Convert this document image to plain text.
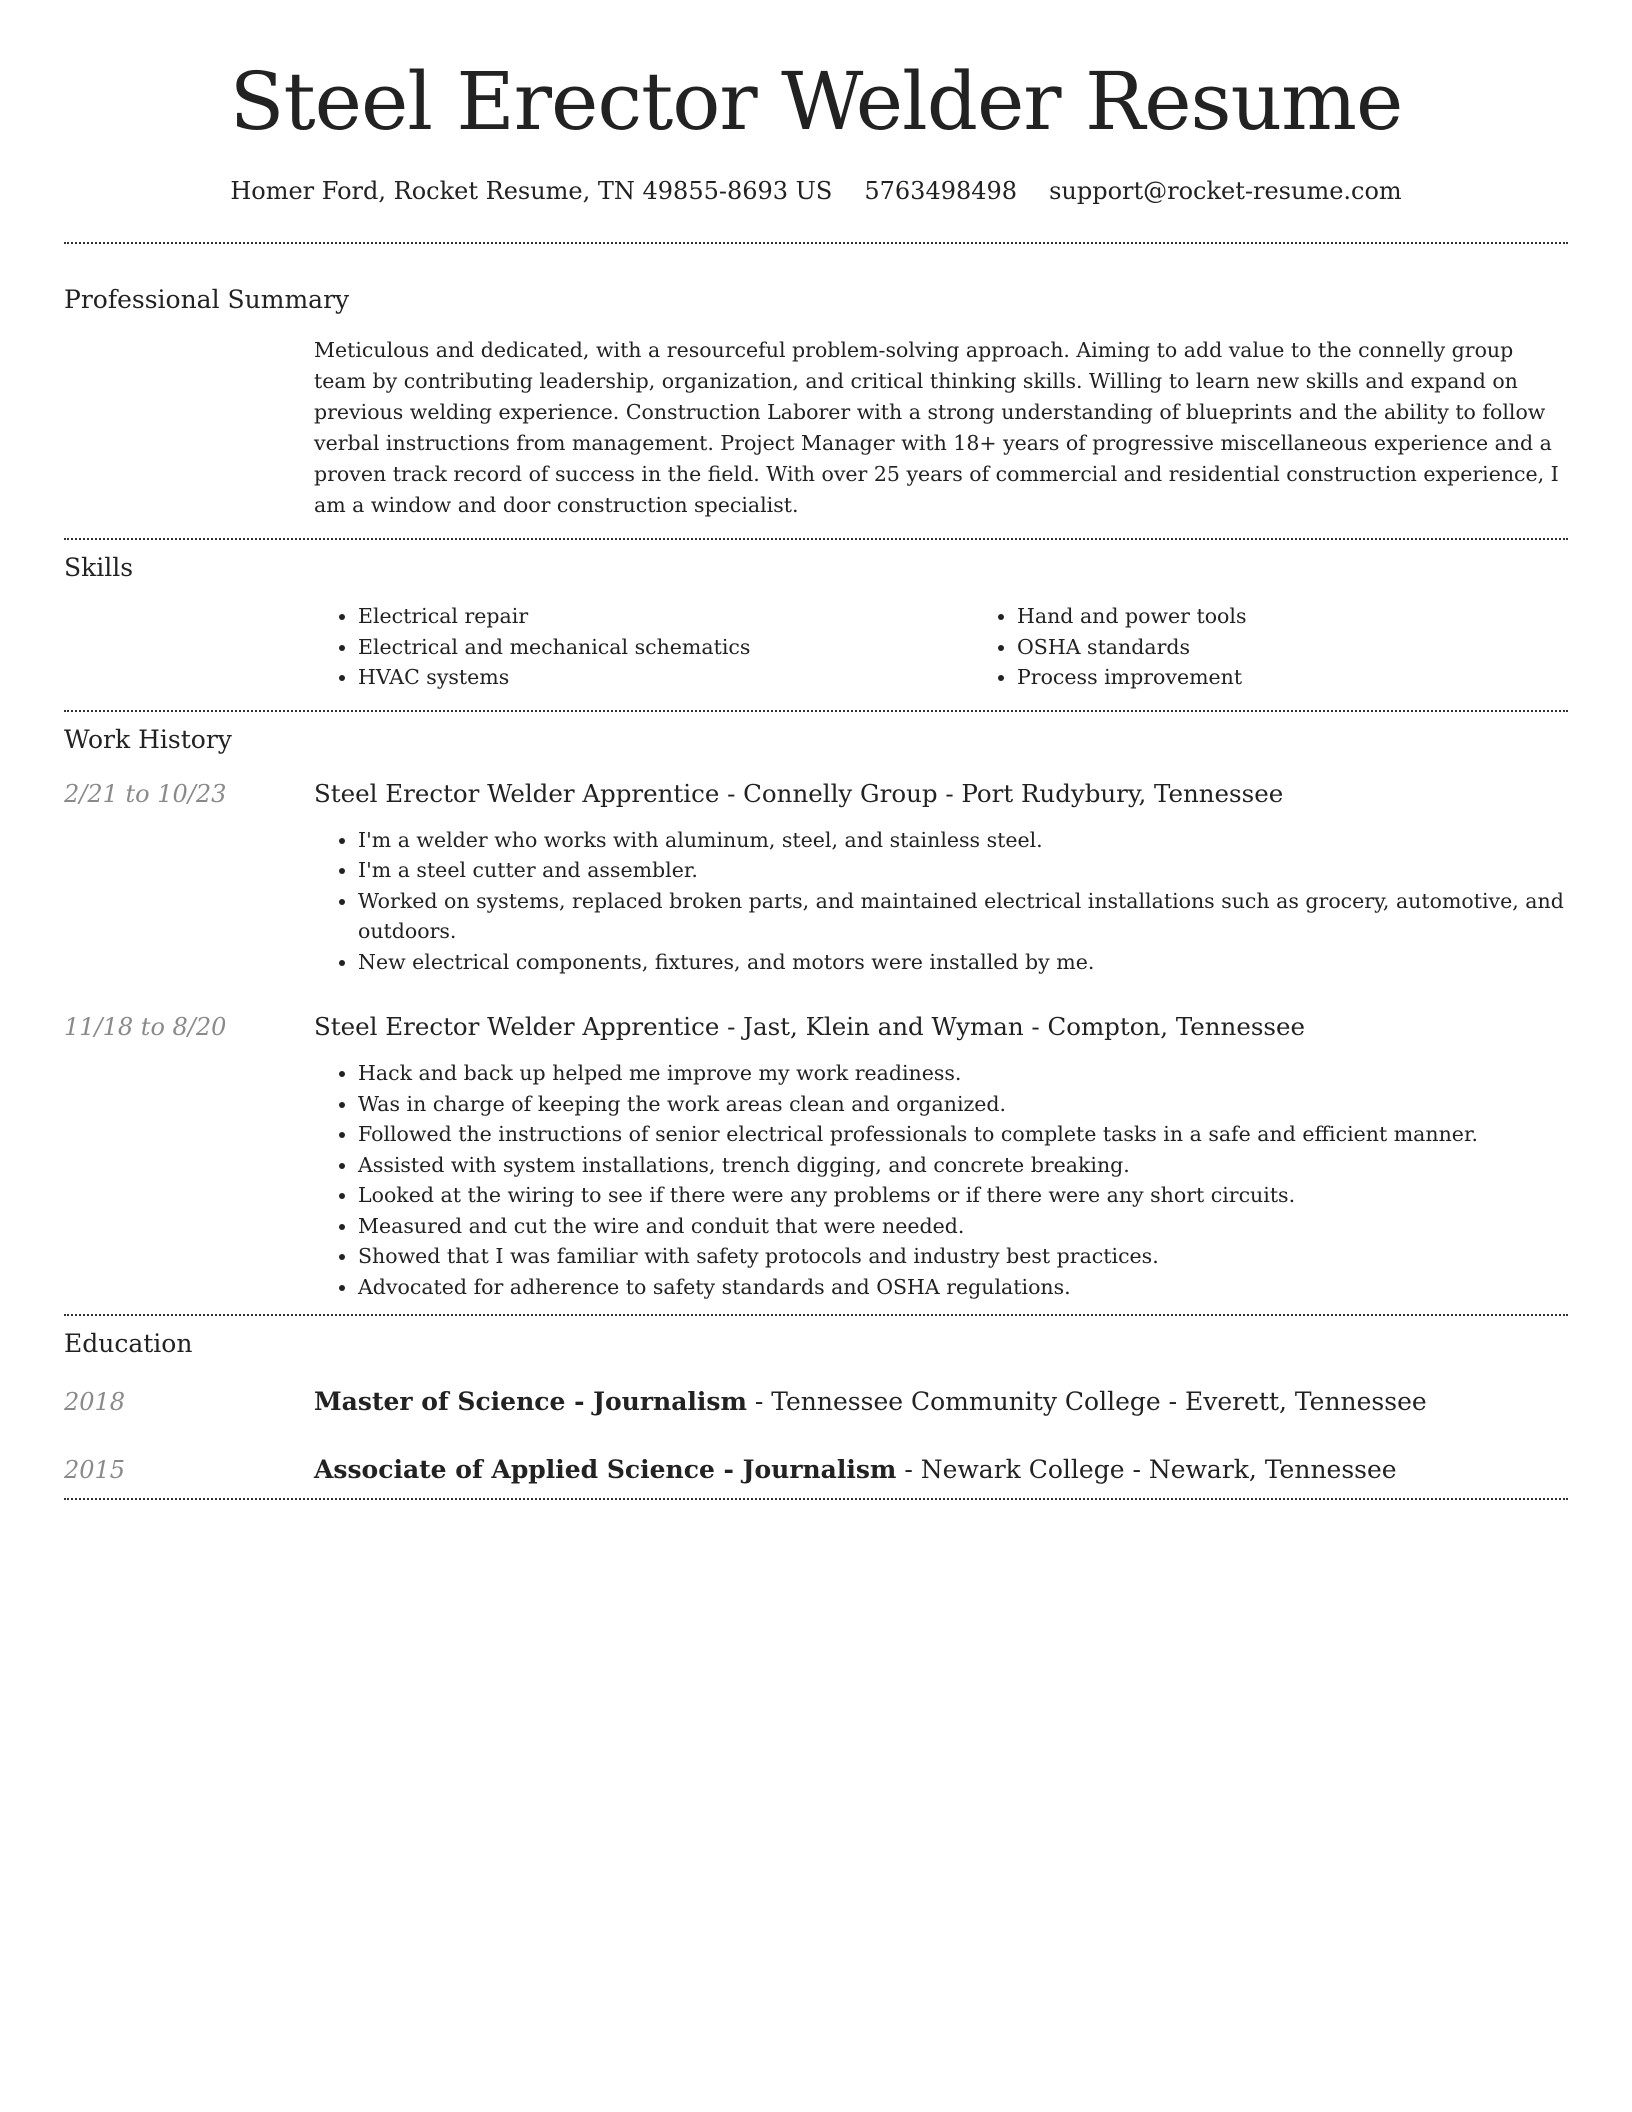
Steel Erector Welder Resume
Homer Ford, Rocket Resume, TN 49855-8693 US 5763498498 support@rocket-resume.com
Professional Summary

Meticulous and dedicated, with a resourceful problem-solving approach. Aiming to add value to the connelly group team by contributing leadership, organization, and critical thinking skills. Willing to learn new skills and expand on previous welding experience. Construction Laborer with a strong understanding of blueprints and the ability to follow verbal instructions from management. Project Manager with 18+ years of progressive miscellaneous experience and a proven track record of success in the field. With over 25 years of commercial and residential construction experience, I am a window and door construction specialist.

Skills
• Electrical repair
• Electrical and mechanical schematics
• HVAC systems
• Hand and power tools
• OSHA standards
• Process improvement
Work History
2/21 to 10/23	Steel Erector Welder Apprentice - Connelly Group - Port Rudybury, Tennessee

• I'm a welder who works with aluminum, steel, and stainless steel.
• I'm a steel cutter and assembler.
• Worked on systems, replaced broken parts, and maintained electrical installations such as grocery, automotive, and outdoors.
• New electrical components, fixtures, and motors were installed by me.
11/18 to 8/20	Steel Erector Welder Apprentice - Jast, Klein and Wyman - Compton, Tennessee

• Hack and back up helped me improve my work readiness.
• Was in charge of keeping the work areas clean and organized.
• Followed the instructions of senior electrical professionals to complete tasks in a safe and efficient manner.
• Assisted with system installations, trench digging, and concrete breaking.
• Looked at the wiring to see if there were any problems or if there were any short circuits.
• Measured and cut the wire and conduit that were needed.
• Showed that I was familiar with safety protocols and industry best practices.
• Advocated for adherence to safety standards and OSHA regulations.
Education
2018	Master of Science - Journalism - Tennessee Community College - Everett, Tennessee

2015	Associate of Applied Science - Journalism - Newark College - Newark, Tennessee
